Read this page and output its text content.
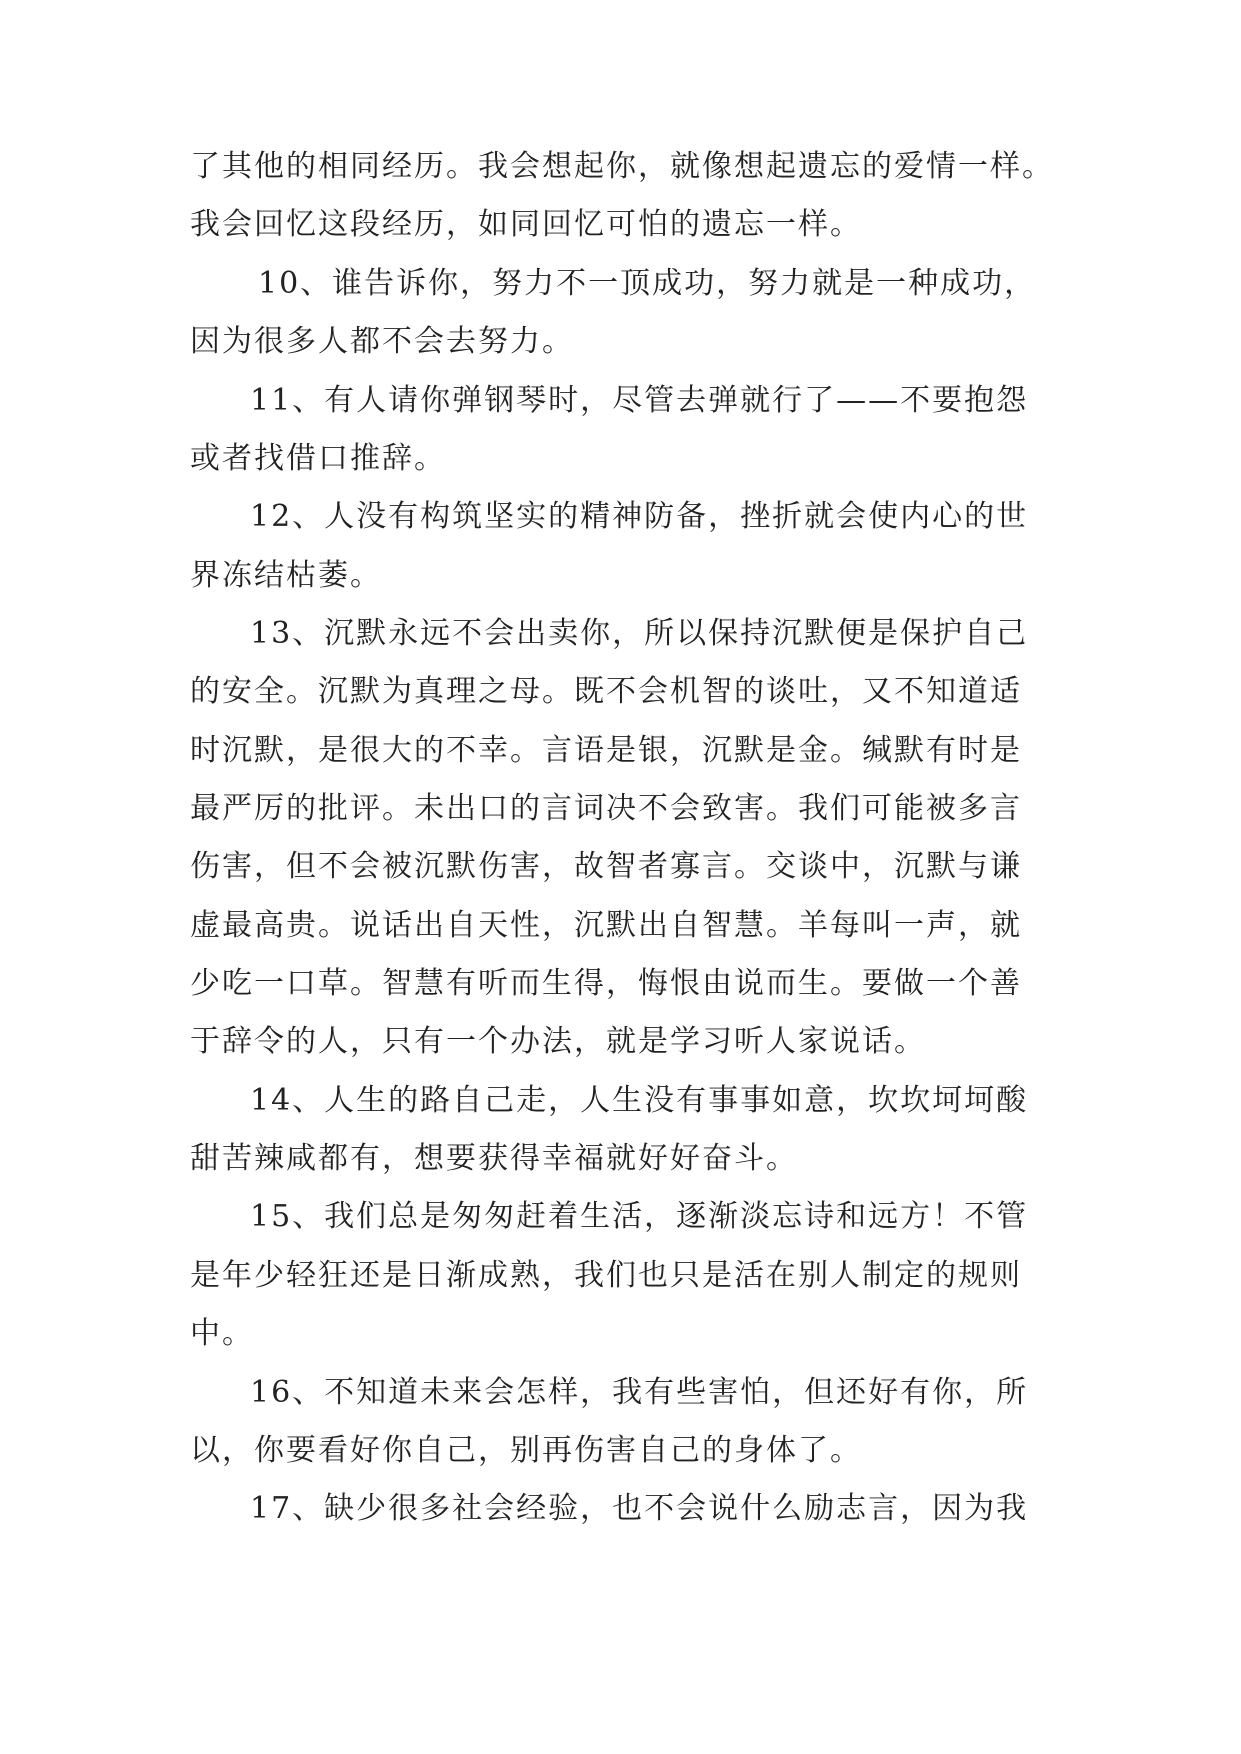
了其他的相同经历。我会想起你，就像想起遗忘的爱情一样。
我会回忆这段经历，如同回忆可怕的遗忘一样。
10、谁告诉你，努力不一顶成功，努力就是一种成功，
因为很多人都不会去努力。
11、有人请你弹钢琴时，尽管去弹就行了——不要抱怨
或者找借口推辞。
12、人没有构筑坚实的精神防备，挫折就会使内心的世
界冻结枯萎。
13、沉默永远不会出卖你，所以保持沉默便是保护自己
的安全。沉默为真理之母。既不会机智的谈吐，又不知道适
时沉默，是很大的不幸。言语是银，沉默是金。缄默有时是
最严厉的批评。未出口的言词决不会致害。我们可能被多言
伤害，但不会被沉默伤害，故智者寡言。交谈中，沉默与谦
虚最高贵。说话出自天性，沉默出自智慧。羊每叫一声，就
少吃一口草。智慧有听而生得，悔恨由说而生。要做一个善
于辞令的人，只有一个办法，就是学习听人家说话。
14、人生的路自己走，人生没有事事如意，坎坎坷坷酸
甜苦辣咸都有，想要获得幸福就好好奋斗。
15、我们总是匆匆赶着生活，逐渐淡忘诗和远方！不管
是年少轻狂还是日渐成熟，我们也只是活在别人制定的规则
中。
16、不知道未来会怎样，我有些害怕，但还好有你，所
以，你要看好你自己，别再伤害自己的身体了。
17、缺少很多社会经验，也不会说什么励志言，因为我
